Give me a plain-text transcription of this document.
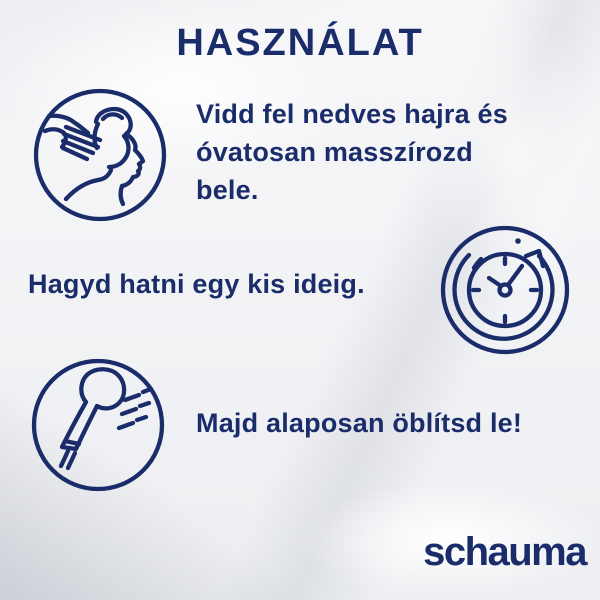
HASZNÁLAT
Vidd fel nedves hajra és
óvatosan masszírozd
bele.
Hagyd hatni egy kis ideig.
Majd alaposan öblítsd le!
schauma
